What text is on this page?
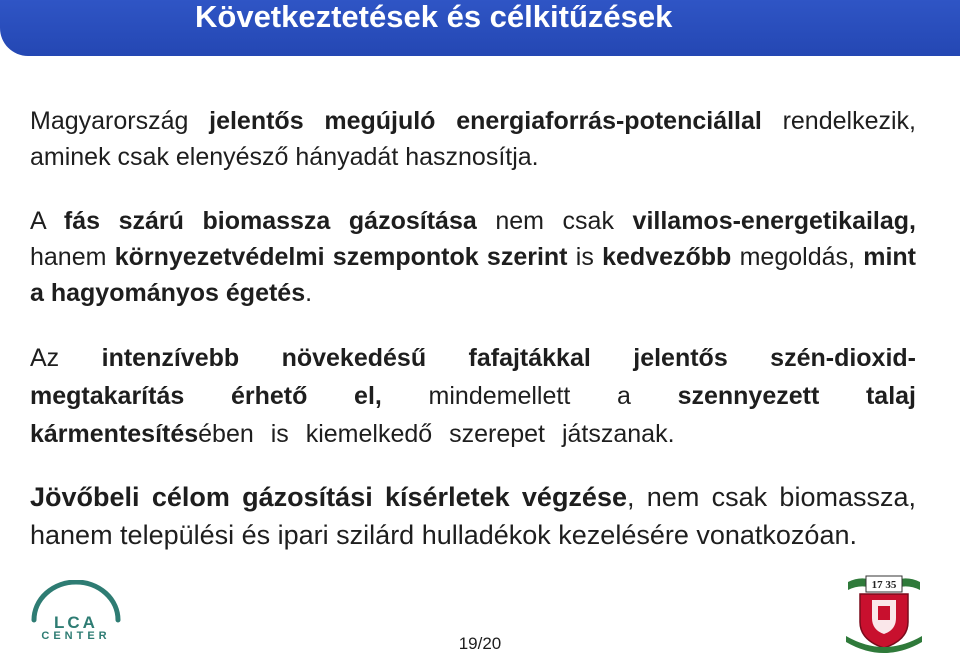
Következtetések és célkitűzések

Magyarország jelentős megújuló energiaforrás-potenciállal rendelkezik, aminek csak elenyésző hányadát hasznosítja.

A fás szárú biomassza gázosítása nem csak villamos-energetikailag, hanem környezetvédelmi szempontok szerint is kedvezőbb megoldás, mint a hagyományos égetés.

Az intenzívebb növekedésű fafajtákkal jelentős szén-dioxid-megtakarítás érhető el, mindemellett a szennyezett talaj kármentesítésében is kiemelkedő szerepet játszanak.

Jövőbeli célom gázosítási kísérletek végzése, nem csak biomassza, hanem települési és ipari szilárd hulladékok kezelésére vonatkozóan.

LCA
CENTER	19/20
17 35
